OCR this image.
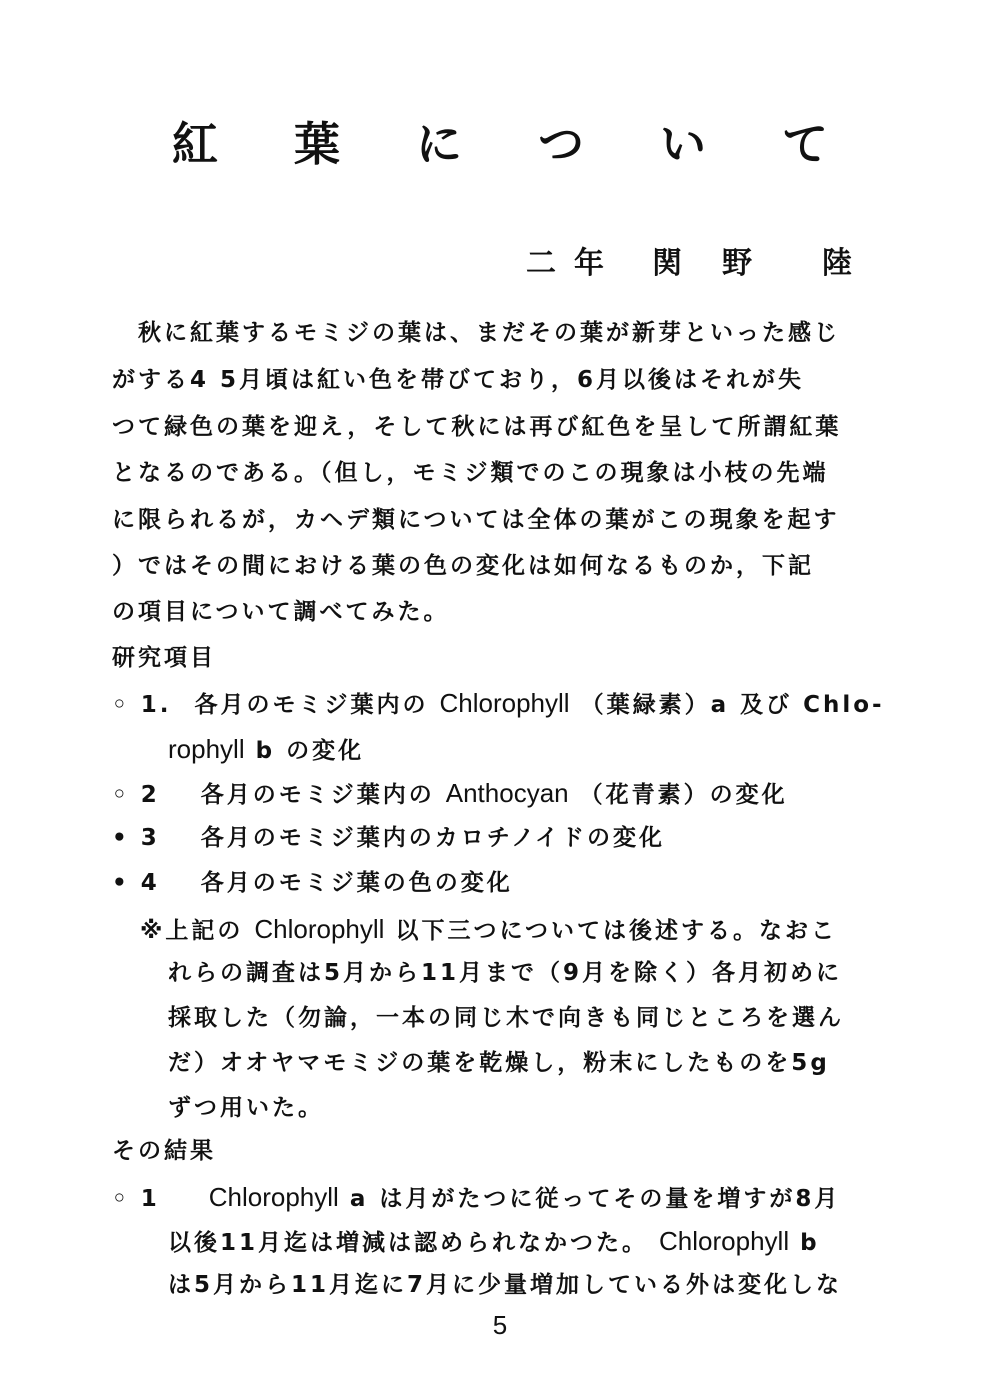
紅 葉 に つ い て
二年 関野 陸
秋に紅葉するモミジの葉は、まだその葉が新芽といった感じ
がする4 5月頃は紅い色を帯びており，6月以後はそれが失
つて緑色の葉を迎え，そして秋には再び紅色を呈して所謂紅葉
となるのである。（但し，モミジ類でのこの現象は小枝の先端
に限られるが，カヘデ類については全体の葉がこの現象を起す
）ではその間における葉の色の変化は如何なるものか，下記
の項目について調べてみた。
研究項目
◦ 1. 各月のモミジ葉内の Chlorophyll （葉緑素）a 及び Chlo-
rophyll b の変化
◦ 2 各月のモミジ葉内の Anthocyan （花青素）の変化
• 3 各月のモミジ葉内のカロチノイドの変化
• 4 各月のモミジ葉の色の変化
※上記の Chlorophyll 以下三つについては後述する。なおこ
れらの調査は5月から11月まで（9月を除く）各月初めに
採取した（勿論，一本の同じ木で向きも同じところを選ん
だ）オオヤマモミジの葉を乾燥し，粉末にしたものを5g
ずつ用いた。
その結果
◦ 1 Chlorophyll a は月がたつに従ってその量を増すが8月
以後11月迄は増減は認められなかつた。 Chlorophyll b
は5月から11月迄に7月に少量増加している外は変化しな
5
